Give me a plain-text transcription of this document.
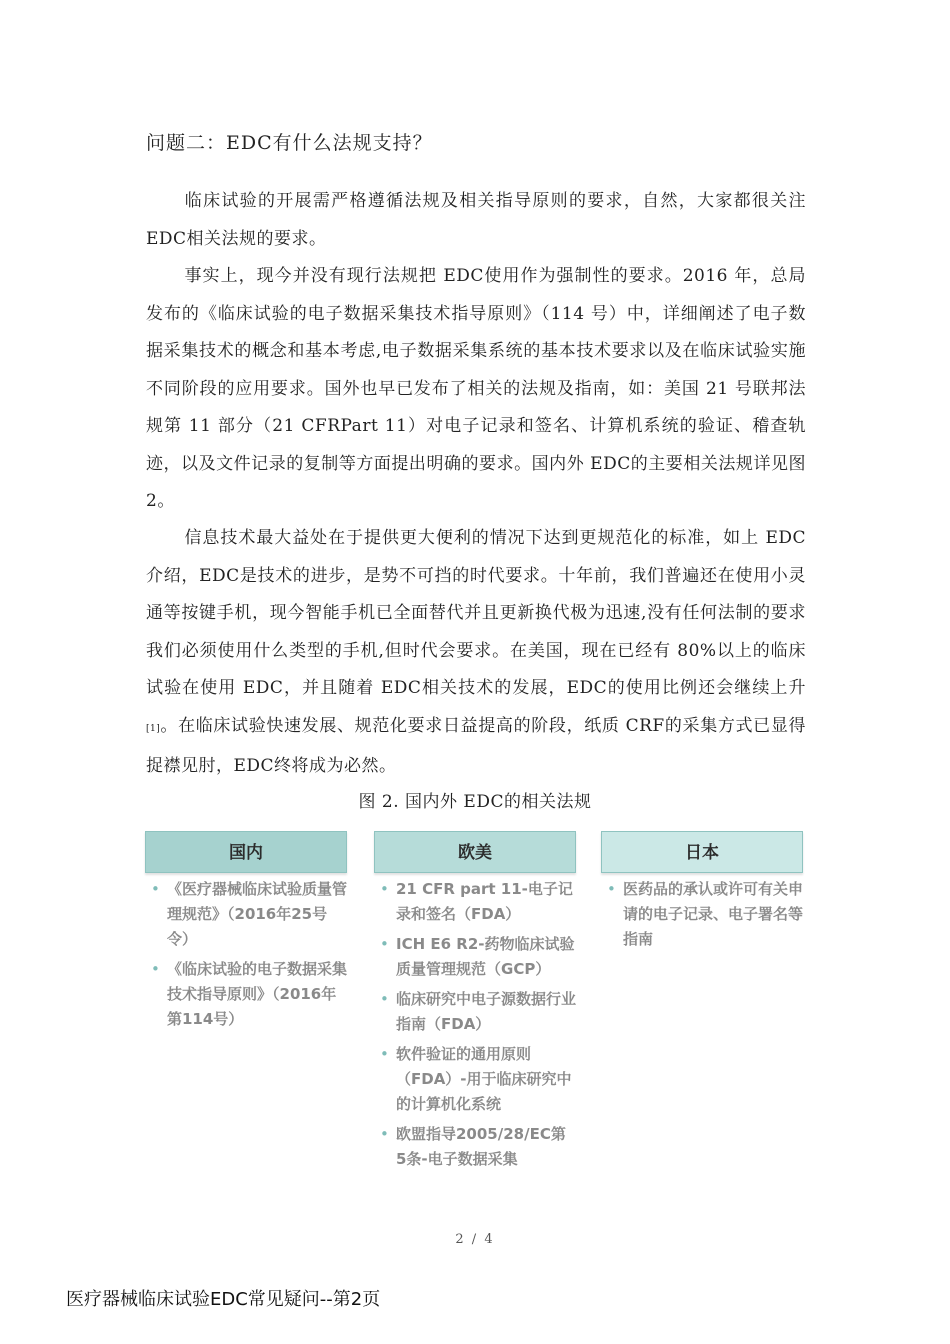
问题二：EDC有什么法规支持？

临床试验的开展需严格遵循法规及相关指导原则的要求，自然，大家都很关注 EDC相关法规的要求。

事实上，现今并没有现行法规把 EDC使用作为强制性的要求。2016 年，总局发布的《临床试验的电子数据采集技术指导原则》（114 号）中，详细阐述了电子数据采集技术的概念和基本考虑,电子数据采集系统的基本技术要求以及在临床试验实施不同阶段的应用要求。国外也早已发布了相关的法规及指南，如：美国 21 号联邦法规第 11 部分（21 CFRPart 11）对电子记录和签名、计算机系统的验证、稽查轨迹，以及文件记录的复制等方面提出明确的要求。国内外 EDC的主要相关法规详见图 2。

信息技术最大益处在于提供更大便利的情况下达到更规范化的标准，如上 EDC介绍，EDC是技术的进步，是势不可挡的时代要求。十年前，我们普遍还在使用小灵通等按键手机，现今智能手机已全面替代并且更新换代极为迅速,没有任何法制的要求我们必须使用什么类型的手机,但时代会要求。在美国，现在已经有 80%以上的临床试验在使用 EDC，并且随着 EDC相关技术的发展，EDC的使用比例还会继续上升[1]。在临床试验快速发展、规范化要求日益提高的阶段，纸质 CRF的采集方式已显得捉襟见肘，EDC终将成为必然。

图 2. 国内外 EDC的相关法规
国内
• 《医疗器械临床试验质量管理规范》（2016年25号令）
• 《临床试验的电子数据采集技术指导原则》（2016年第114号）
欧美
• 21 CFR part 11-电子记录和签名（FDA）
• ICH E6 R2-药物临床试验质量管理规范（GCP）
• 临床研究中电子源数据行业指南（FDA）
• 软件验证的通用原则（FDA）-用于临床研究中的计算机化系统
• 欧盟指导2005/28/EC第5条-电子数据采集
日本
• 医药品的承认或许可有关申请的电子记录、电子署名等指南
2 / 4
医疗器械临床试验EDC常见疑问--第2页
